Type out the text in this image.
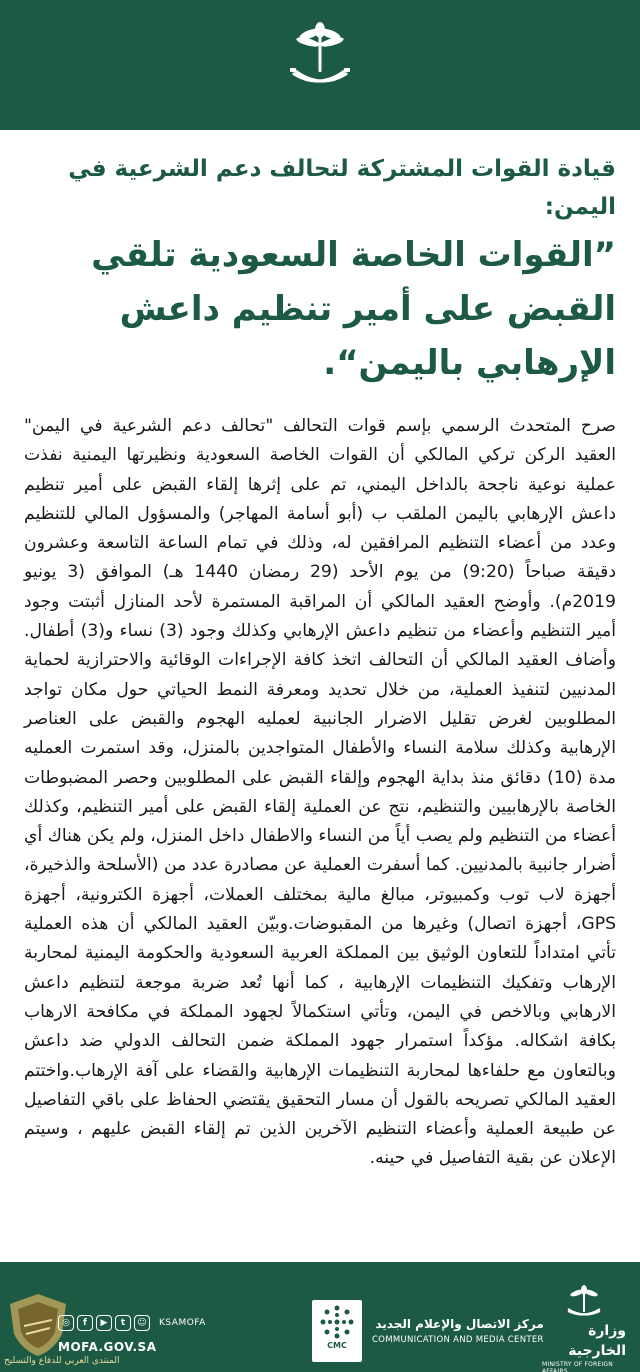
قيادة القوات المشتركة لتحالف دعم الشرعية في اليمن:
”القوات الخاصة السعودية تلقي القبض على أمير تنظيم داعش الإرهابي باليمن“.
صرح المتحدث الرسمي بإسم قوات التحالف "تحالف دعم الشرعية في اليمن" العقيد الركن تركي المالكي أن القوات الخاصة السعودية ونظيرتها اليمنية نفذت عملية نوعية ناجحة بالداخل اليمني، تم على إثرها إلقاء القبض على أمير تنظيم داعش الإرهابي باليمن الملقب ب (أبو أسامة المهاجر) والمسؤول المالي للتنظيم وعدد من أعضاء التنظيم المرافقين له، وذلك في تمام الساعة التاسعة وعشرون دقيقة صباحاً (9:20) من يوم الأحد (29 رمضان 1440 هـ) الموافق (3 يونيو 2019م). وأوضح العقيد المالكي أن المراقبة المستمرة لأحد المنازل أثبتت وجود أمير التنظيم وأعضاء من تنظيم داعش الإرهابي وكذلك وجود (3) نساء و(3) أطفال. وأضاف العقيد المالكي أن التحالف اتخذ كافة الإجراءات الوقائية والاحترازية لحماية المدنيين لتنفيذ العملية، من خلال تحديد ومعرفة النمط الحياتي حول مكان تواجد المطلوبين لغرض تقليل الاضرار الجانبية لعمليه الهجوم والقبض على العناصر الإرهابية وكذلك سلامة النساء والأطفال المتواجدين بالمنزل، وقد استمرت العمليه مدة (10) دقائق منذ بداية الهجوم وإلقاء القبض على المطلوبين وحصر المضبوطات الخاصة بالإرهابيين والتنظيم، نتج عن العملية إلقاء القبض على أمير التنظيم، وكذلك أعضاء من التنظيم ولم يصب أياً من النساء والاطفال داخل المنزل، ولم يكن هناك أي أضرار جانبية بالمدنيين. كما أسفرت العملية عن مصادرة عدد من (الأسلحة والذخيرة، أجهزة لاب توب وكمبيوتر، مبالغ مالية بمختلف العملات، أجهزة الكترونية، أجهزة GPS، أجهزة اتصال) وغيرها من المقبوضات.وبيّن العقيد المالكي أن هذه العملية تأتي امتداداً للتعاون الوثيق بين المملكة العربية السعودية والحكومة اليمنية لمحاربة الإرهاب وتفكيك التنظيمات الإرهابية ، كما أنها تُعد ضربة موجعة لتنظيم داعش الارهابي وبالاخص في اليمن، وتأتي استكمالاً لجهود المملكة في مكافحة الارهاب بكافة اشكاله. مؤكداً استمرار جهود المملكة ضمن التحالف الدولي ضد داعش وبالتعاون مع حلفاءها لمحاربة التنظيمات الإرهابية والقضاء على آفة الإرهاب.واختتم العقيد المالكي تصريحه بالقول أن مسار التحقيق يقتضي الحفاظ على باقي التفاصيل عن طبيعة العملية وأعضاء التنظيم الآخرين الذين تم إلقاء القبض عليهم ، وسيتم الإعلان عن بقية التفاصيل في حينه.
المنتدى العربي للدفاع والتسليح
◎	f	▶	t	☺	KSAMOFA
MOFA.GOV.SA	CMC
مركز الاتصال والإعلام الجديد
COMMUNICATION AND MEDIA CENTER
وزارة الخارجية
MINISTRY OF FOREIGN AFFAIRS
